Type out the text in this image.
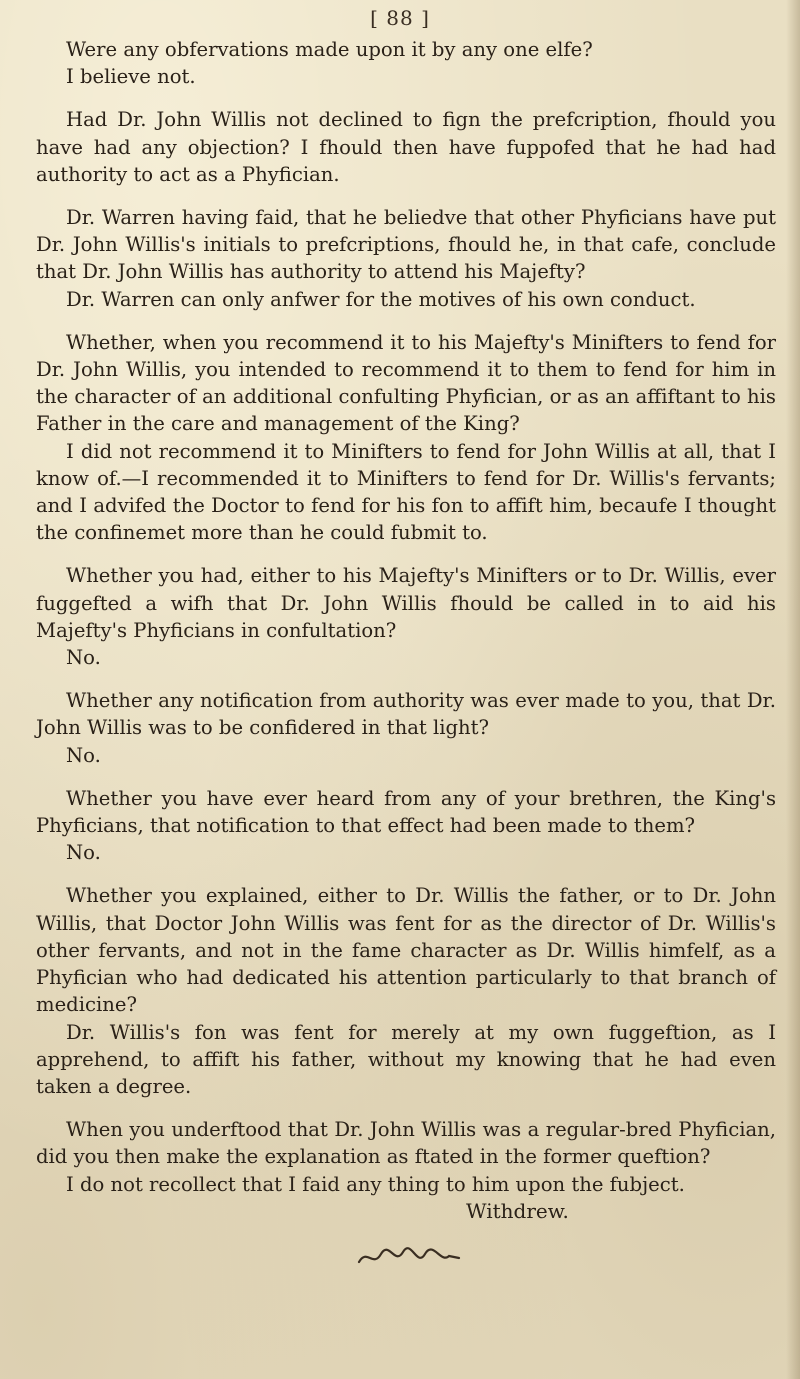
[ 88 ]

Were any obfervations made upon it by any one elfe?

I believe not.

Had Dr. John Willis not declined to fign the prefcription, fhould you have had any objection? I fhould then have fuppofed that he had had authority to act as a Phyfician.

Dr. Warren having faid, that he beliedve that other Phyficians have put Dr. John Willis's initials to prefcriptions, fhould he, in that cafe, conclude that Dr. John Willis has authority to attend his Majefty?

Dr. Warren can only anfwer for the motives of his own conduct.

Whether, when you recommend it to his Majefty's Minifters to fend for Dr. John Willis, you intended to recommend it to them to fend for him in the character of an additional confulting Phyfician, or as an affiftant to his Father in the care and management of the King?

I did not recommend it to Minifters to fend for John Willis at all, that I know of.—I recommended it to Minifters to fend for Dr. Willis's fervants; and I advifed the Doctor to fend for his fon to affift him, becaufe I thought the confinemet more than he could fubmit to.

Whether you had, either to his Majefty's Minifters or to Dr. Willis, ever fuggefted a wifh that Dr. John Willis fhould be called in to aid his Majefty's Phyficians in confultation?

No.

Whether any notification from authority was ever made to you, that Dr. John Willis was to be confidered in that light?

No.

Whether you have ever heard from any of your brethren, the King's Phyficians, that notification to that effect had been made to them?

No.

Whether you explained, either to Dr. Willis the father, or to Dr. John Willis, that Doctor John Willis was fent for as the director of Dr. Willis's other fervants, and not in the fame character as Dr. Willis himfelf, as a Phyfician who had dedicated his attention particularly to that branch of medicine?

Dr. Willis's fon was fent for merely at my own fuggeftion, as I apprehend, to affift his father, without my knowing that he had even taken a degree.

When you underftood that Dr. John Willis was a regular-bred Phyfician, did you then make the explanation as ftated in the former queftion?

I do not recollect that I faid any thing to him upon the fubject.

Withdrew.
